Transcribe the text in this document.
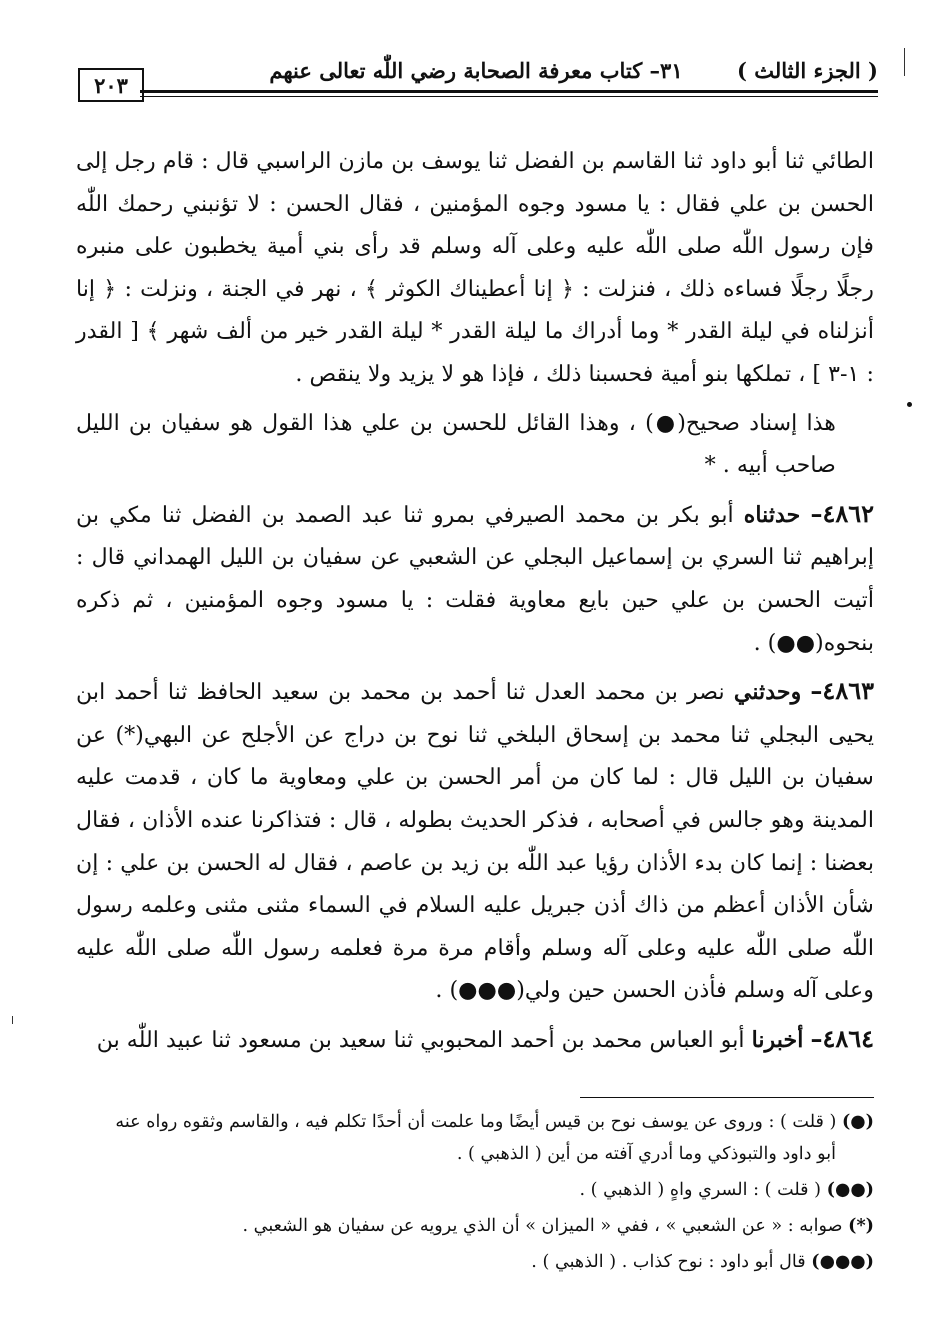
٢٠٣
٣١– كتاب معرفة الصحابة رضي اللّٰه تعالى عنهم	( الجزء الثالث )
الطائي ثنا أبو داود ثنا القاسم بن الفضل ثنا يوسف بن مازن الراسبي قال : قام رجل إلى الحسن بن علي فقال : يا مسود وجوه المؤمنين ، فقال الحسن : لا تؤنبني رحمك اللّٰه فإن رسول اللّٰه صلى اللّٰه عليه وعلى آله وسلم قد رأى بني أمية يخطبون على منبره رجلًا رجلًا فساءه ذلك ، فنزلت : ﴿ إنا أعطيناك الكوثر ﴾ ، نهر في الجنة ، ونزلت : ﴿ إنا أنزلناه في ليلة القدر * وما أدراك ما ليلة القدر * ليلة القدر خير من ألف شهر ﴾ [ القدر : ١-٣ ] ، تملكها بنو أمية فحسبنا ذلك ، فإذا هو لا يزيد ولا ينقص .
هذا إسناد صحيح(●) ، وهذا القائل للحسن بن علي هذا القول هو سفيان بن الليل صاحب أبيه . *
٤٨٦٢– حدثناه أبو بكر بن محمد الصيرفي بمرو ثنا عبد الصمد بن الفضل ثنا مكي بن إبراهيم ثنا السري بن إسماعيل البجلي عن الشعبي عن سفيان بن الليل الهمداني قال : أتيت الحسن بن علي حين بايع معاوية فقلت : يا مسود وجوه المؤمنين ، ثم ذكره بنحوه(●●) .
٤٨٦٣– وحدثني نصر بن محمد العدل ثنا أحمد بن محمد بن سعيد الحافظ ثنا أحمد ابن يحيى البجلي ثنا محمد بن إسحاق البلخي ثنا نوح بن دراج عن الأجلح عن البهي(*) عن سفيان بن الليل قال : لما كان من أمر الحسن بن علي ومعاوية ما كان ، قدمت عليه المدينة وهو جالس في أصحابه ، فذكر الحديث بطوله ، قال : فتذاكرنا عنده الأذان ، فقال بعضنا : إنما كان بدء الأذان رؤيا عبد اللّٰه بن زيد بن عاصم ، فقال له الحسن بن علي : إن شأن الأذان أعظم من ذاك أذن جبريل عليه السلام في السماء مثنى مثنى وعلمه رسول اللّٰه صلى اللّٰه عليه وعلى آله وسلم وأقام مرة مرة فعلمه رسول اللّٰه صلى اللّٰه عليه وعلى آله وسلم فأذن الحسن حين ولي(●●●) .
٤٨٦٤– أخبرنا أبو العباس محمد بن أحمد المحبوبي ثنا سعيد بن مسعود ثنا عبيد اللّٰه بن
(●) ( قلت ) : وروى عن يوسف نوح بن قيس أيضًا وما علمت أن أحدًا تكلم فيه ، والقاسم وثقوه رواه عنه
أبو داود والتبوذكي وما أدري آفته من أين ( الذهبي ) .
(●●) ( قلت ) : السري واهٍ ( الذهبي ) .
(*) صوابه : « عن الشعبي » ، ففي « الميزان » أن الذي يرويه عن سفيان هو الشعبي .
(●●●) قال أبو داود : نوح كذاب . ( الذهبي ) .
